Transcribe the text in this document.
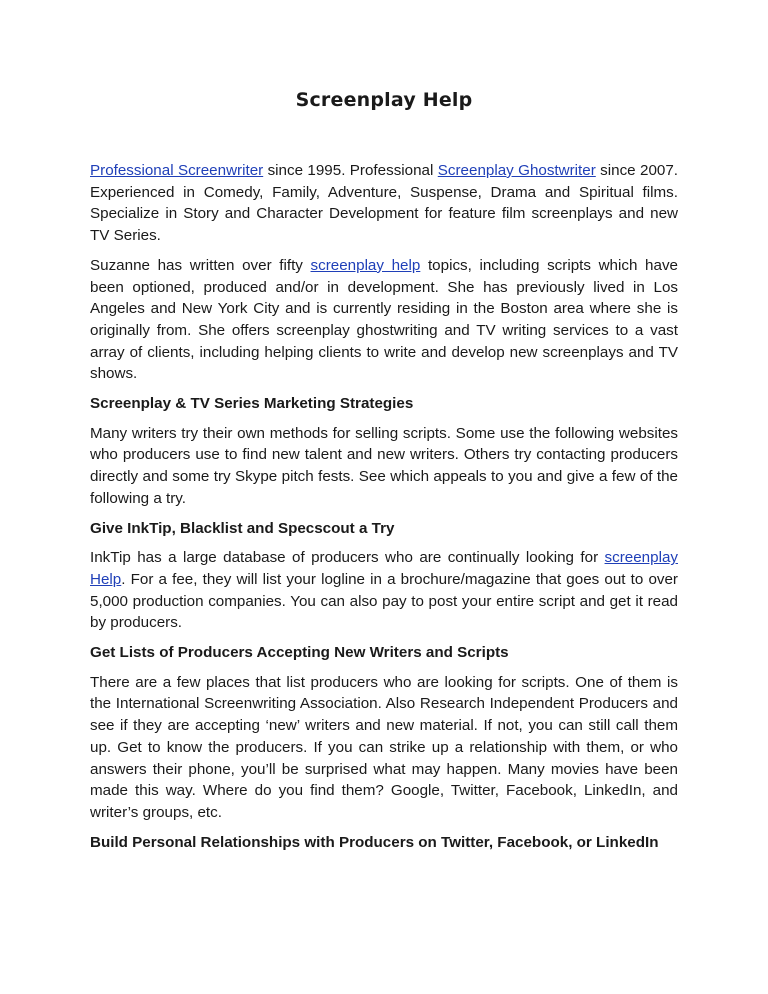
Screenplay Help

Professional Screenwriter since 1995. Professional Screenplay Ghostwriter since 2007. Experienced in Comedy, Family, Adventure, Suspense, Drama and Spiritual films. Specialize in Story and Character Development for feature film screenplays and new TV Series.

Suzanne has written over fifty screenplay help topics, including scripts which have been optioned, produced and/or in development. She has previously lived in Los Angeles and New York City and is currently residing in the Boston area where she is originally from. She offers screenplay ghostwriting and TV writing services to a vast array of clients, including helping clients to write and develop new screenplays and TV shows.

Screenplay & TV Series Marketing Strategies

Many writers try their own methods for selling scripts. Some use the following websites who producers use to find new talent and new writers. Others try contacting producers directly and some try Skype pitch fests. See which appeals to you and give a few of the following a try.

Give InkTip, Blacklist and Specscout a Try

InkTip has a large database of producers who are continually looking for screenplay Help. For a fee, they will list your logline in a brochure/magazine that goes out to over 5,000 production companies. You can also pay to post your entire script and get it read by producers.

Get Lists of Producers Accepting New Writers and Scripts

There are a few places that list producers who are looking for scripts. One of them is the International Screenwriting Association. Also Research Independent Producers and see if they are accepting ‘new’ writers and new material. If not, you can still call them up. Get to know the producers. If you can strike up a relationship with them, or who answers their phone, you’ll be surprised what may happen. Many movies have been made this way. Where do you find them? Google, Twitter, Facebook, LinkedIn, and writer’s groups, etc.

Build Personal Relationships with Producers on Twitter, Facebook, or LinkedIn
